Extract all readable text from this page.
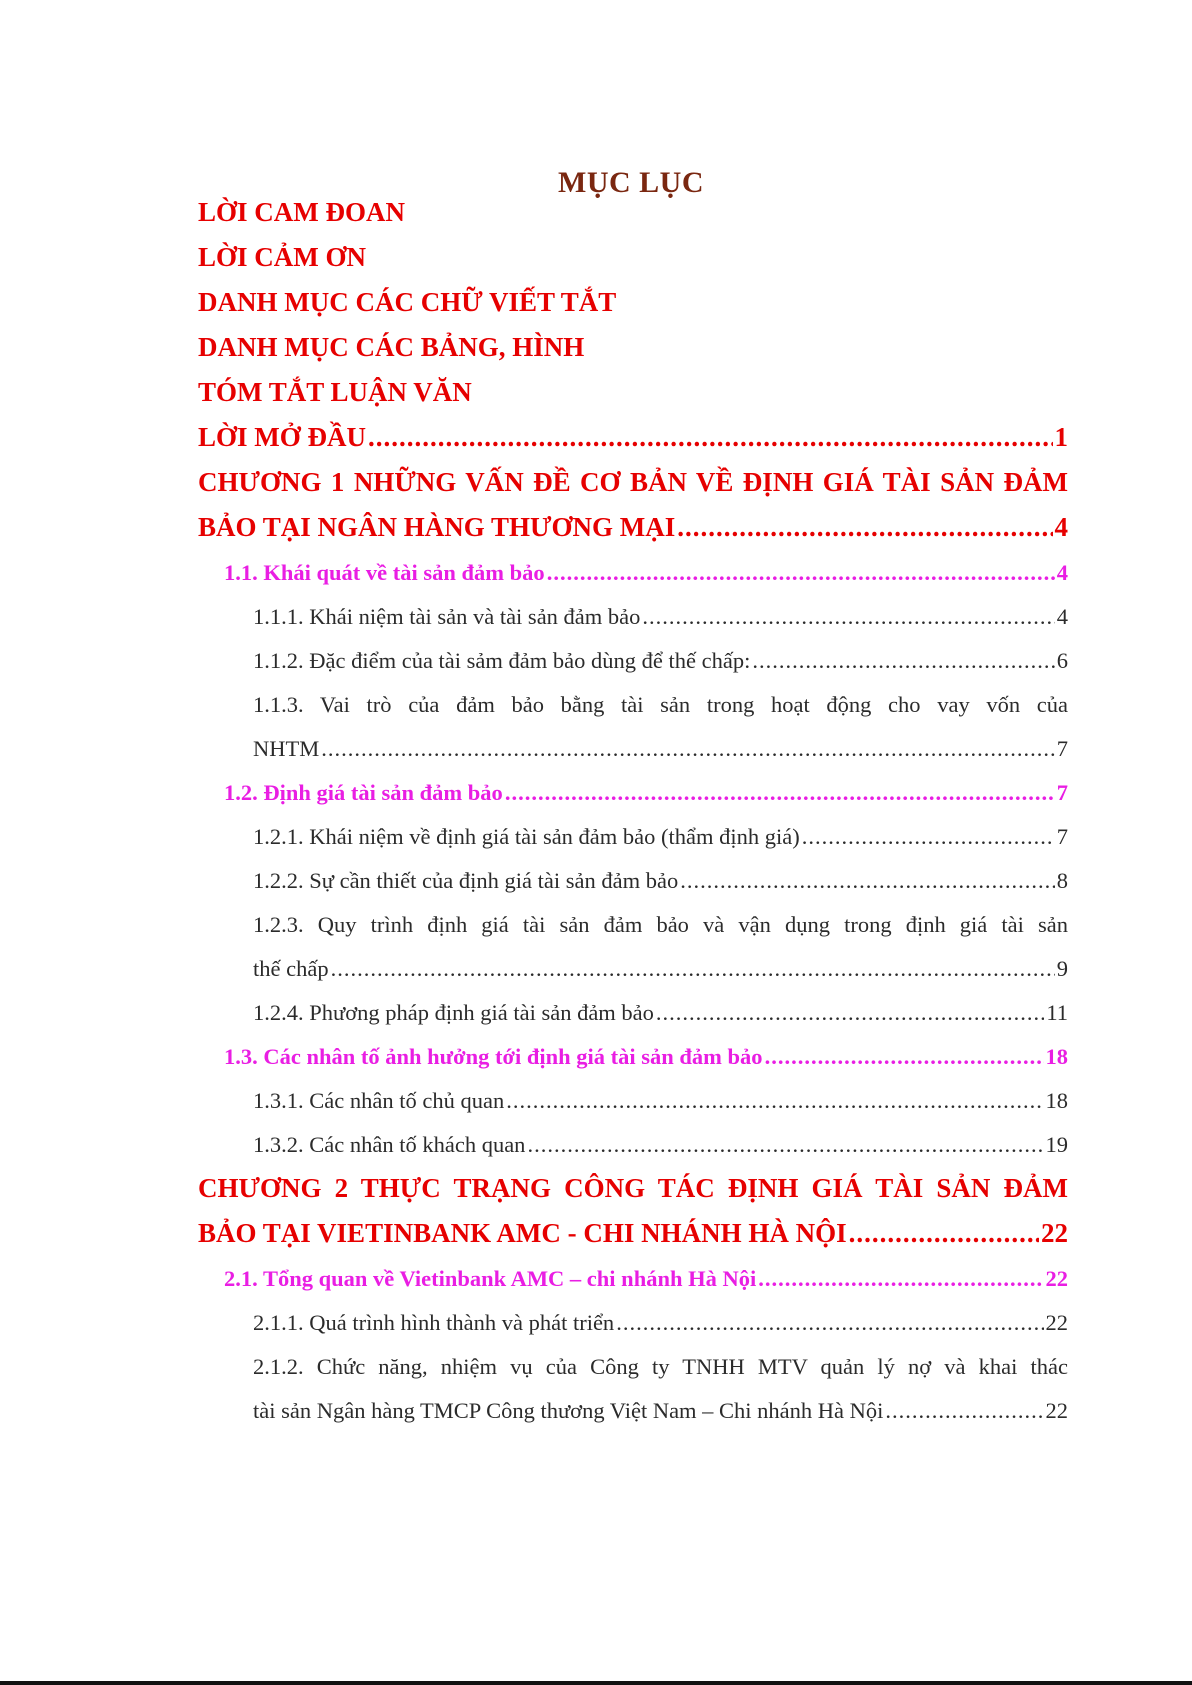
MỤC LỤC
LỜI CAM ĐOAN
LỜI CẢM ƠN
DANH MỤC CÁC CHỮ VIẾT TẮT
DANH MỤC CÁC BẢNG, HÌNH
TÓM TẮT LUẬN VĂN
LỜI MỞ ĐẦU .....	1
CHƯƠNG 1 NHỮNG VẤN ĐỀ CƠ BẢN VỀ ĐỊNH GIÁ TÀI SẢN ĐẢM
BẢO TẠI NGÂN HÀNG THƯƠNG MẠI .....	4
1.1. Khái quát về tài sản đảm bảo .....	4
1.1.1. Khái niệm tài sản và tài sản đảm bảo .....	4
1.1.2. Đặc điểm của tài sảm đảm bảo dùng để thế chấp: .....	6
1.1.3. Vai trò của đảm bảo bằng tài sản trong hoạt động cho vay vốn của
NHTM .....	7
1.2. Định giá tài sản đảm bảo .....	7
1.2.1. Khái niệm về định giá tài sản đảm bảo (thẩm định giá) .....	7
1.2.2. Sự cần thiết của định giá tài sản đảm bảo .....	8
1.2.3. Quy trình định giá tài sản đảm bảo và vận dụng trong định giá tài sản
thế chấp .....	9
1.2.4. Phương pháp định giá tài sản đảm bảo .....	11
1.3. Các nhân tố ảnh hưởng tới định giá tài sản đảm bảo .....	18
1.3.1. Các nhân tố chủ quan .....	18
1.3.2. Các nhân tố khách quan .....	19
CHƯƠNG 2 THỰC TRẠNG CÔNG TÁC ĐỊNH GIÁ TÀI SẢN ĐẢM
BẢO TẠI VIETINBANK AMC - CHI NHÁNH HÀ NỘI .....	22
2.1. Tổng quan về Vietinbank AMC – chi nhánh Hà Nội .....	22
2.1.1. Quá trình hình thành và phát triển .....	22
2.1.2. Chức năng, nhiệm vụ của Công ty TNHH MTV quản lý nợ và khai thác
tài sản Ngân hàng TMCP Công thương Việt Nam – Chi nhánh Hà Nội .....	22
